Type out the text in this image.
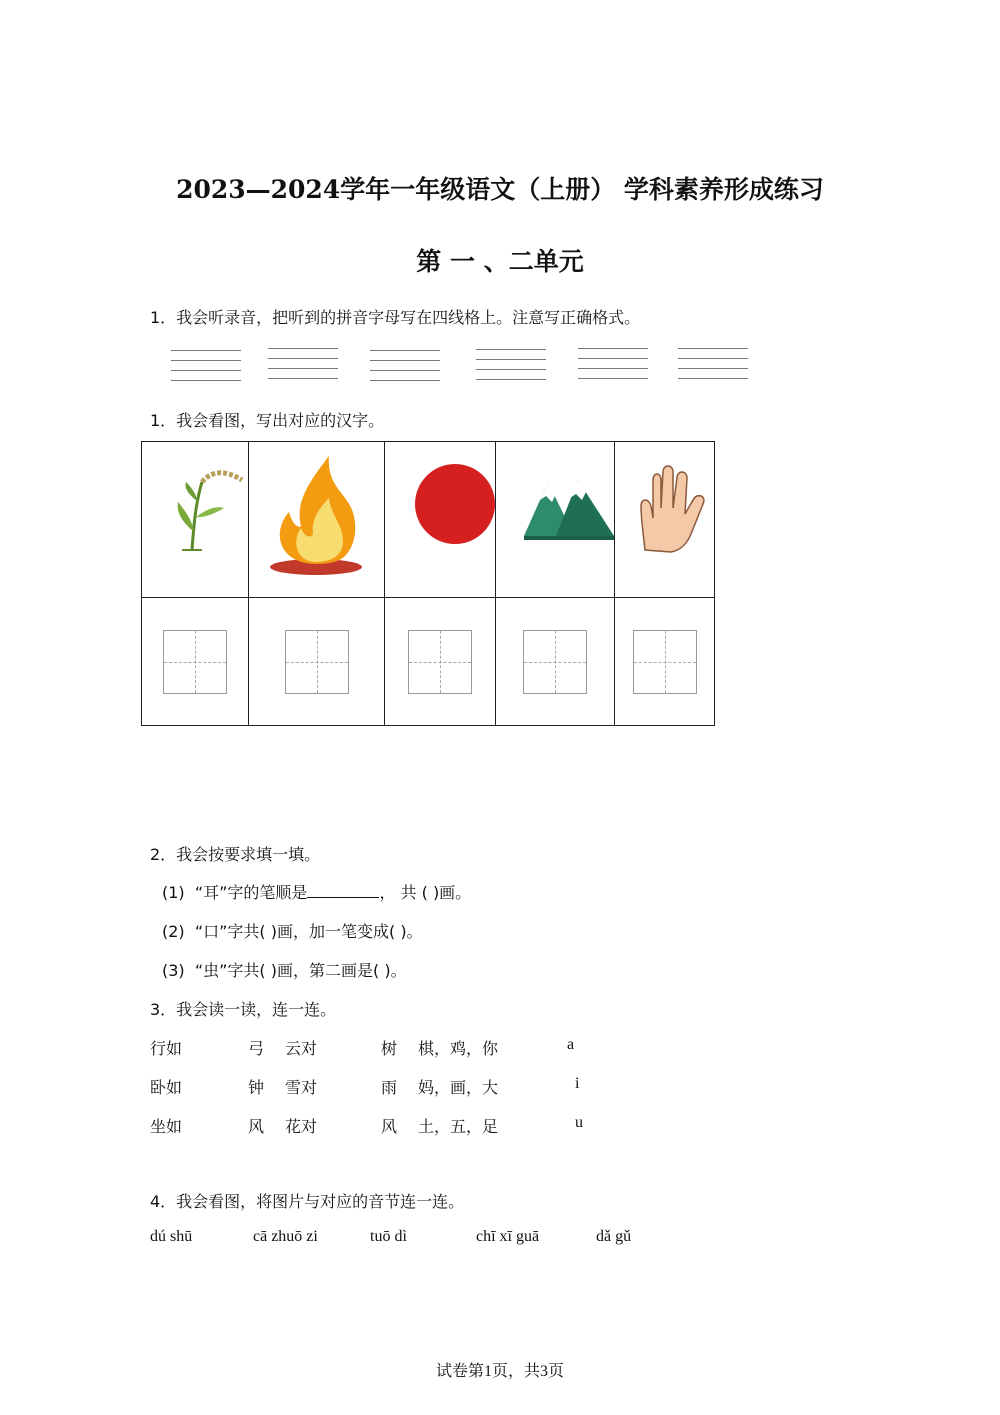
2023—2024学年一年级语文（上册） 学科素养形成练习
第 一 、二单元
1．我会听录音，把听到的拼音字母写在四线格上。注意写正确格式。
1．我会看图，写出对应的汉字。

2．我会按要求填一填。
(1) “耳”字的笔顺是	， 共 ( )画。
(2) “口”字共( )画，加一笔变成( )。
(3) “虫”字共( )画，第二画是( )。
3．我会读一读，连一连。
行如	弓 云对	树 棋，鸡，你	a
卧如	钟 雪对	雨 妈，画，大	i
坐如	风 花对	风 土，五，足	u
4．我会看图，将图片与对应的音节连一连。
dú shū	cā zhuō zi	tuō dì	chī xī guā	dǎ gǔ
试卷第1页，共3页
